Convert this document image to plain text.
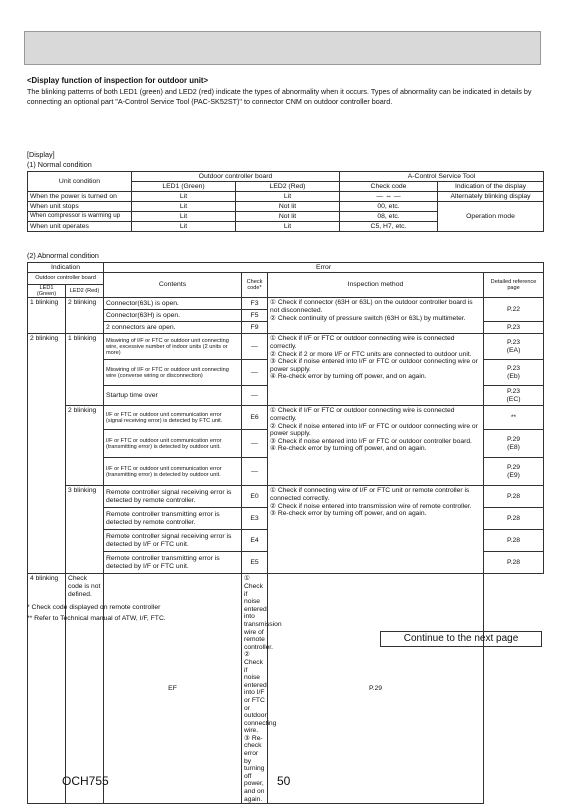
<Display function of inspection for outdoor unit>
The blinking patterns of both LED1 (green) and LED2 (red) indicate the types of abnormality when it occurs. Types of abnormality can be indicated in details by connecting an optional part "A-Control Service Tool (PAC-SK52ST)" to connector CNM on outdoor controller board.
[Display]
(1) Normal condition
Unit condition	Outdoor controller board		A-Control Service Tool	
	LED1 (Green)	LED2 (Red)	Check code	Indication of the display
When the power is turned on	Lit	Lit	— ⇔ —	Alternately blinking display
When unit stops	Lit	Not lit	00, etc.	Operation mode
When compressor is warming up	Lit	Not lit	08, etc.	
When unit operates	Lit	Lit	C5, H7, etc.	
(2) Abnormal condition
Indication		Error			
Outdoor controller board		Contents	Check code*	Inspection method	Detailed reference page
LED1 (Green)	LED2 (Red)				
1 blinking	2 blinking	Connector(63L) is open.	F3	① Check if connector (63H or 63L) on the outdoor controller board is not disconnected.
② Check continuity of pressure switch (63H or 63L) by multimeter.	P.22
		Connector(63H) is open.	F5		
		2 connectors are open.	F9		P.23
2 blinking	1 blinking	Miswiring of I/F or FTC or outdoor unit connecting wire, excessive number of indoor units (2 units or more)	—	① Check if I/F or FTC or outdoor connecting wire is connected correctly.
② Check if 2 or more I/F or FTC units are connected to outdoor unit.
③ Check if noise entered into I/F or FTC or outdoor connecting wire or power supply.
④ Re-check error by turning off power, and on again.	P.23
(EA)
		Miswiring of I/F or FTC or outdoor unit connecting wire (converse wiring or disconnection)	—		P.23
(Eb)
		Startup time over	—		P.23
(EC)
	2 blinking	I/F or FTC or outdoor unit communication error (signal receiving error) is detected by FTC unit.	E6	① Check if I/F or FTC or outdoor connecting wire is connected correctly.
② Check if noise entered into I/F or FTC or outdoor connecting wire or power supply.
③ Check if noise entered into I/F or FTC or outdoor controller board.
④ Re-check error by turning off power, and on again.	**
		I/F or FTC or outdoor unit communication error (transmitting error) is detected by outdoor unit.	—		P.29
(E8)
		I/F or FTC or outdoor unit communication error (transmitting error) is detected by outdoor unit.	—		P.29
(E9)
	3 blinking	Remote controller signal receiving error is detected by remote controller.	E0	① Check if connecting wire of I/F or FTC unit or remote controller is connected correctly.
② Check if noise entered into transmission wire of remote controller.
③ Re-check error by turning off power, and on again.	P.28
		Remote controller transmitting error is detected by remote controller.	E3		P.28
		Remote controller signal receiving error is detected by I/F or FTC unit.	E4		P.28
		Remote controller transmitting error is detected by I/F or FTC unit.	E5		P.28
4 blinking	Check code is not defined.	EF	① Check if noise entered into transmission wire of remote controller.
② Check if noise entered into I/F or FTC or outdoor connecting wire.
③ Re-check error by turning off power, and on again.	P.29	
* Check code displayed on remote controller
** Refer to Technical manual of ATW, I/F, FTC.
Continue to the next page
OCH755	50
